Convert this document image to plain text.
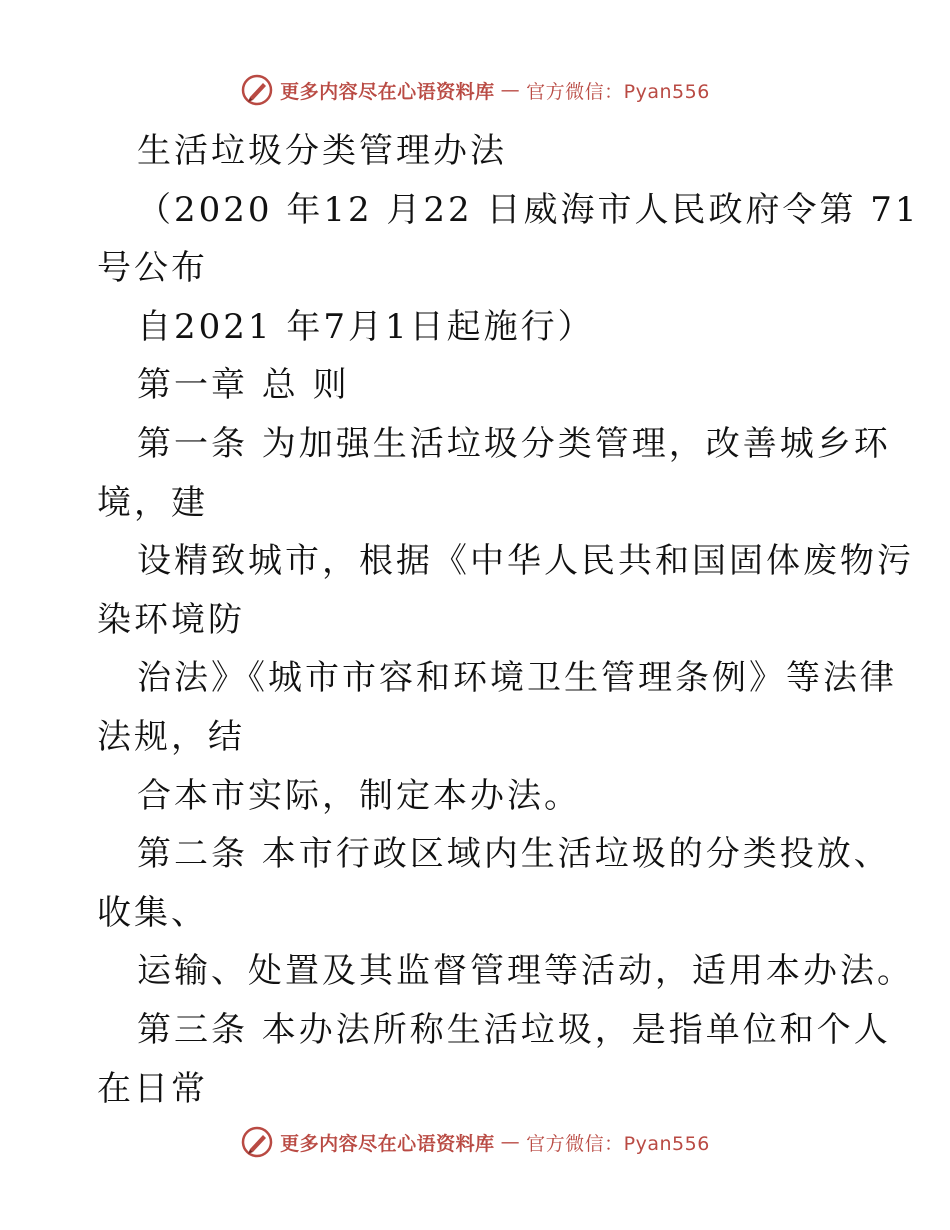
更多内容尽在心语资料库 — 官方微信：Pyan556
生活垃圾分类管理办法
（2020 年12 月22 日威海市人民政府令第 71
号公布
自2021 年7月1日起施行）
第一章 总 则
第一条 为加强生活垃圾分类管理，改善城乡环
境，建
设精致城市，根据《中华人民共和国固体废物污
染环境防
治法》《城市市容和环境卫生管理条例》等法律
法规，结
合本市实际，制定本办法。
第二条 本市行政区域内生活垃圾的分类投放、
收集、
运输、处置及其监督管理等活动，适用本办法。
第三条 本办法所称生活垃圾，是指单位和个人
在日常
更多内容尽在心语资料库 — 官方微信：Pyan556
